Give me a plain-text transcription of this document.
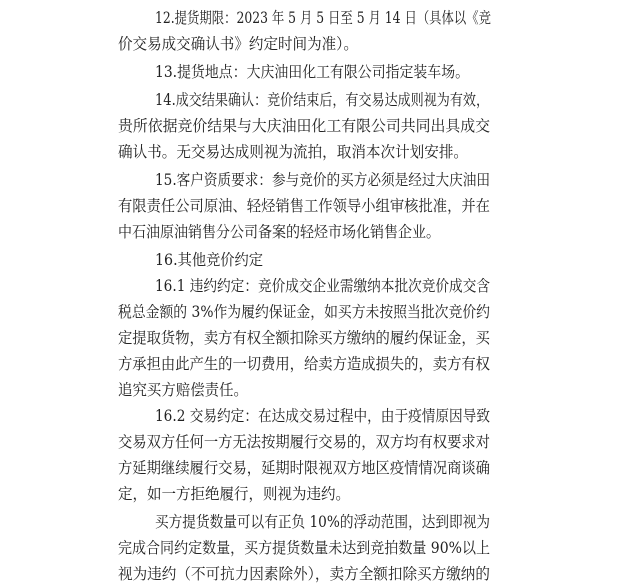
12.提货期限：2023 年 5 月 5 日至 5 月 14 日（具体以《竞
价交易成交确认书》约定时间为准）。
13.提货地点：大庆油田化工有限公司指定装车场。
14.成交结果确认：竞价结束后，有交易达成则视为有效，
贵所依据竞价结果与大庆油田化工有限公司共同出具成交
确认书。无交易达成则视为流拍，取消本次计划安排。
15.客户资质要求：参与竞价的买方必须是经过大庆油田
有限责任公司原油、轻烃销售工作领导小组审核批准，并在
中石油原油销售分公司备案的轻烃市场化销售企业。
16.其他竞价约定
16.1 违约约定：竞价成交企业需缴纳本批次竞价成交含
税总金额的 3%作为履约保证金，如买方未按照当批次竞价约
定提取货物，卖方有权全额扣除买方缴纳的履约保证金，买
方承担由此产生的一切费用，给卖方造成损失的，卖方有权
追究买方赔偿责任。
16.2 交易约定：在达成交易过程中，由于疫情原因导致
交易双方任何一方无法按期履行交易的，双方均有权要求对
方延期继续履行交易，延期时限视双方地区疫情情况商谈确
定，如一方拒绝履行，则视为违约。
买方提货数量可以有正负 10%的浮动范围，达到即视为
完成合同约定数量，买方提货数量未达到竞拍数量 90%以上
视为违约（不可抗力因素除外），卖方全额扣除买方缴纳的
